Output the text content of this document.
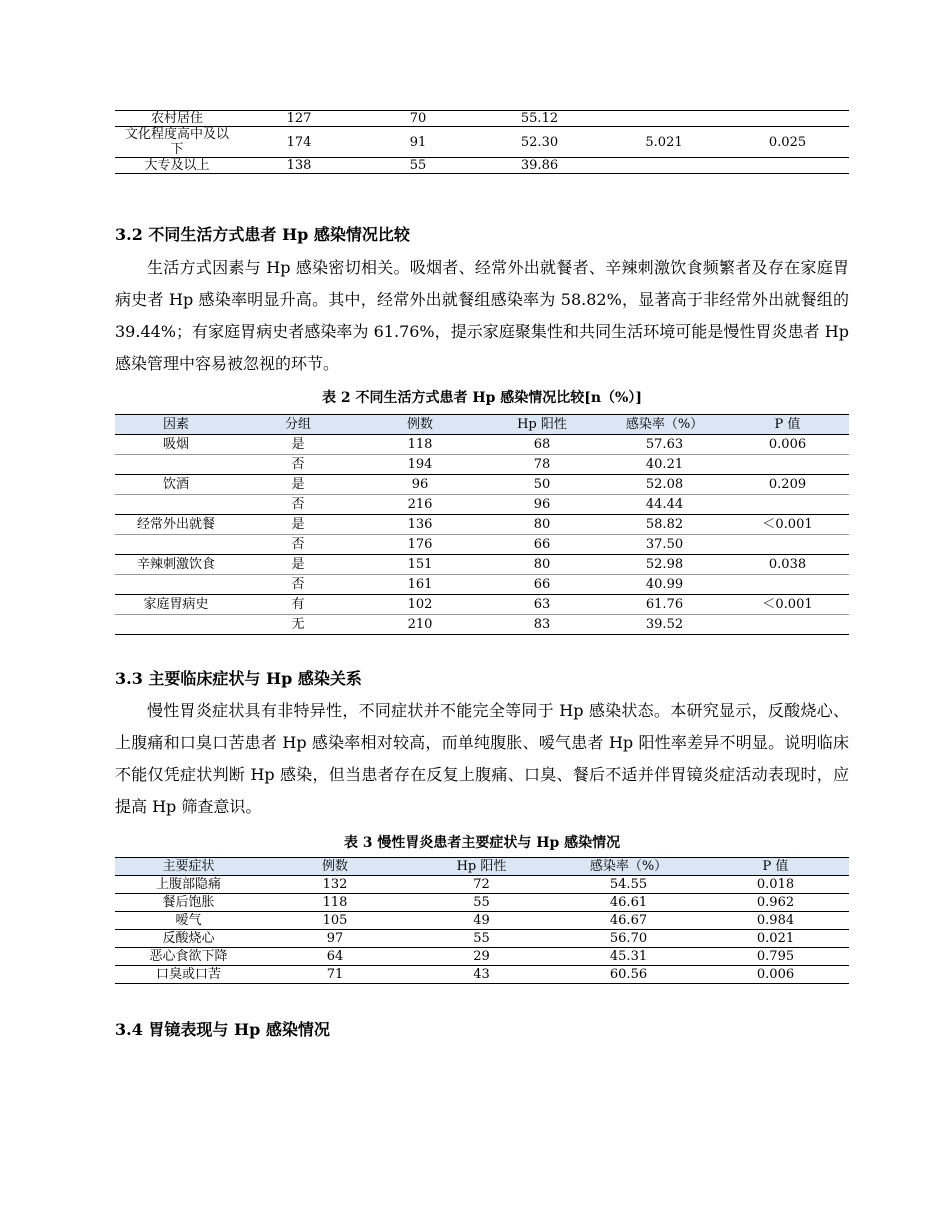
农村居住	127	70	55.12		
文化程度高中及以下	174	91	52.30	5.021	0.025
大专及以上	138	55	39.86		
3.2 不同生活方式患者 Hp 感染情况比较

生活方式因素与 Hp 感染密切相关。吸烟者、经常外出就餐者、辛辣刺激饮食频繁者及存在家庭胃病史者 Hp 感染率明显升高。其中，经常外出就餐组感染率为 58.82%，显著高于非经常外出就餐组的 39.44%；有家庭胃病史者感染率为 61.76%，提示家庭聚集性和共同生活环境可能是慢性胃炎患者 Hp 感染管理中容易被忽视的环节。

表 2 不同生活方式患者 Hp 感染情况比较[n（%）]

因素	分组	例数	Hp 阳性	感染率（%）	P 值
吸烟	是	118	68	57.63	0.006
	否	194	78	40.21	
饮酒	是	96	50	52.08	0.209
	否	216	96	44.44	
经常外出就餐	是	136	80	58.82	＜0.001
	否	176	66	37.50	
辛辣刺激饮食	是	151	80	52.98	0.038
	否	161	66	40.99	
家庭胃病史	有	102	63	61.76	＜0.001
	无	210	83	39.52	
3.3 主要临床症状与 Hp 感染关系

慢性胃炎症状具有非特异性，不同症状并不能完全等同于 Hp 感染状态。本研究显示，反酸烧心、上腹痛和口臭口苦患者 Hp 感染率相对较高，而单纯腹胀、嗳气患者 Hp 阳性率差异不明显。说明临床不能仅凭症状判断 Hp 感染，但当患者存在反复上腹痛、口臭、餐后不适并伴胃镜炎症活动表现时，应提高 Hp 筛查意识。

表 3 慢性胃炎患者主要症状与 Hp 感染情况

主要症状	例数	Hp 阳性	感染率（%）	P 值
上腹部隐痛	132	72	54.55	0.018
餐后饱胀	118	55	46.61	0.962
嗳气	105	49	46.67	0.984
反酸烧心	97	55	56.70	0.021
恶心食欲下降	64	29	45.31	0.795
口臭或口苦	71	43	60.56	0.006
3.4 胃镜表现与 Hp 感染情况
